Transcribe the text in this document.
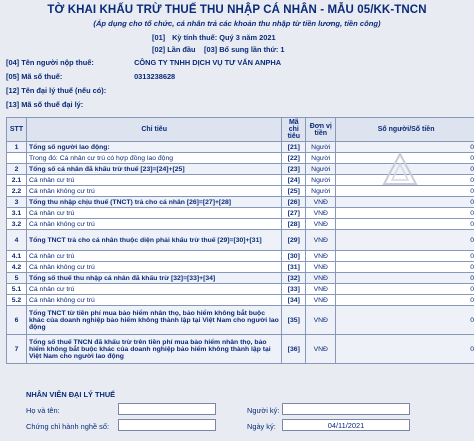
TỜ KHAI KHẤU TRỪ THUẾ THU NHẬP CÁ NHÂN - MẪU 05/KK-TNCN
(Áp dụng cho tổ chức, cá nhân trả các khoản thu nhập từ tiền lương, tiền công)
[01] Kỳ tính thuế: Quý 3 năm 2021
[02] Lần đầu [03] Bổ sung lần thứ: 1
[04] Tên người nộp thuế:	CÔNG TY TNHH DỊCH VỤ TƯ VẤN ANPHA
[05] Mã số thuế:	0313238628
[12] Tên đại lý thuế (nếu có):
[13] Mã số thuế đại lý:
STT	Chỉ tiêu	Mã chỉ tiêu	Đơn vị tiền	Số người/Số tiền
1	Tổng số người lao động:	[21]	Người	0
	Trong đó: Cá nhân cư trú có hợp đồng lao động	[22]	Người	0
2	Tổng số cá nhân đã khấu trừ thuế [23]=[24]+[25]	[23]	Người	0
2.1	Cá nhân cư trú	[24]	Người	0
2.2	Cá nhân không cư trú	[25]	Người	0
3	Tổng thu nhập chịu thuế (TNCT) trả cho cá nhân [26]=[27]+[28]	[26]	VNĐ	0
3.1	Cá nhân cư trú	[27]	VNĐ	0
3.2	Cá nhân không cư trú	[28]	VNĐ	0
4	Tổng TNCT trả cho cá nhân thuộc diện phải khấu trừ thuế [29]=[30]+[31]	[29]	VNĐ	0
4.1	Cá nhân cư trú	[30]	VNĐ	0
4.2	Cá nhân không cư trú	[31]	VNĐ	0
5	Tổng số thuế thu nhập cá nhân đã khấu trừ [32]=[33]+[34]	[32]	VNĐ	0
5.1	Cá nhân cư trú	[33]	VNĐ	0
5.2	Cá nhân không cư trú	[34]	VNĐ	0
6	Tổng TNCT từ tiền phí mua bảo hiểm nhân thọ, bảo hiểm không bắt buộc khác của doanh nghiệp bảo hiểm không thành lập tại Việt Nam cho người lao động	[35]	VNĐ	0
7	Tổng số thuế TNCN đã khấu trừ trên tiền phí mua bảo hiểm nhân thọ, bảo hiểm không bắt buộc khác của doanh nghiệp bảo hiểm không thành lập tại Việt Nam cho người lao động	[36]	VNĐ	0
NHÂN VIÊN ĐẠI LÝ THUẾ
Họ và tên:	Người ký:
Chứng chỉ hành nghề số:	Ngày ký:	04/11/2021
